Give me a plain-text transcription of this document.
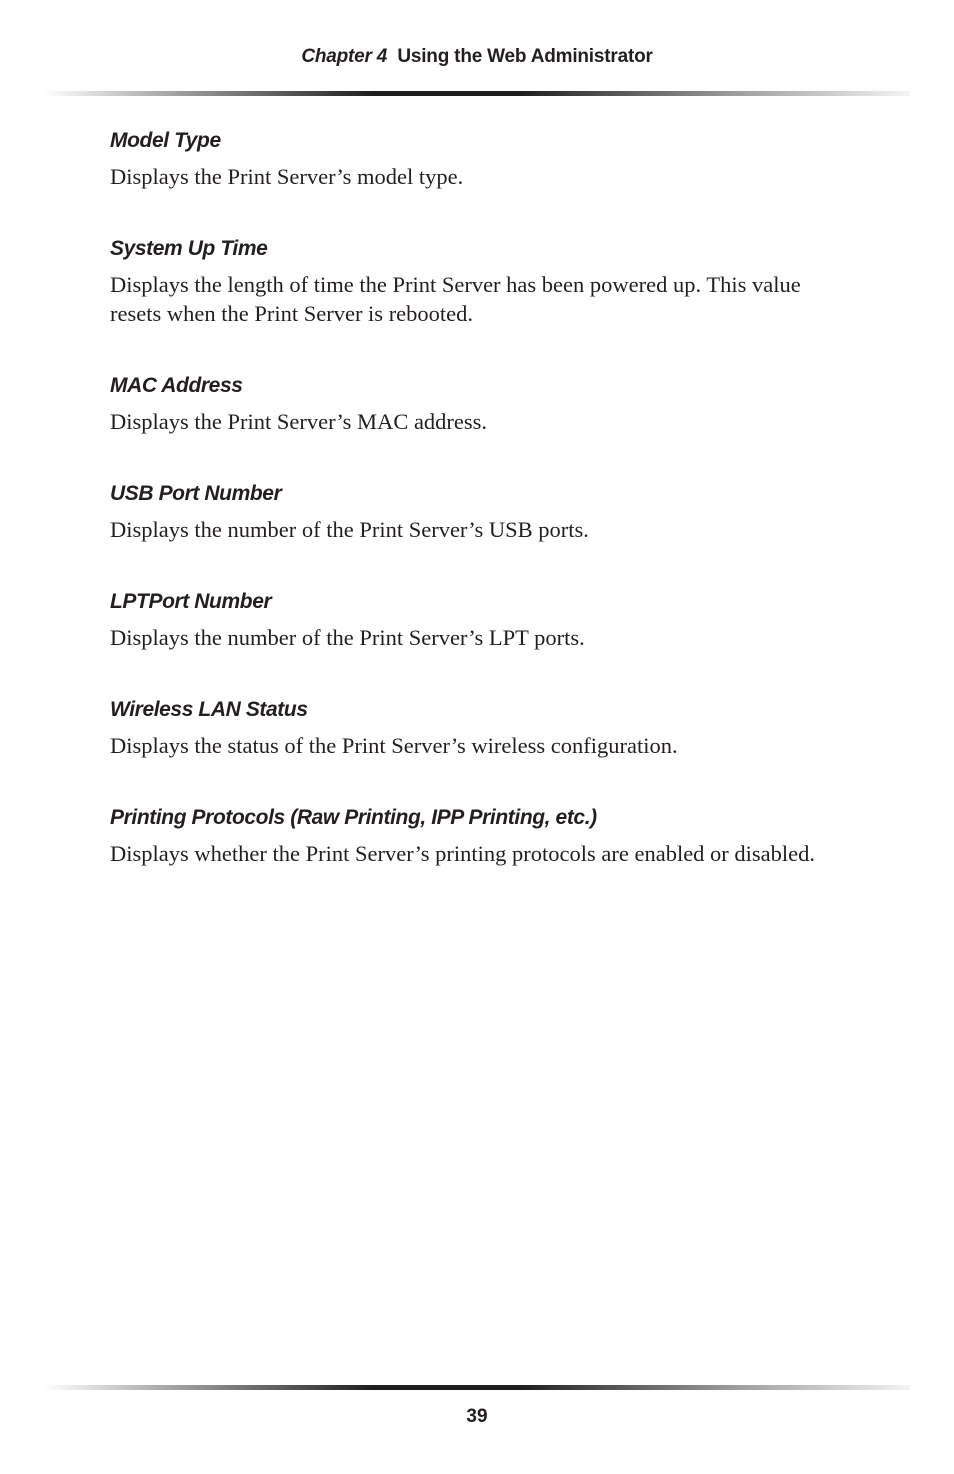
Chapter 4 Using the Web Administrator
Model Type

Displays the Print Server’s model type.

System Up Time

Displays the length of time the Print Server has been powered up. This value resets when the Print Server is rebooted.

MAC Address

Displays the Print Server’s MAC address.

USB Port Number

Displays the number of the Print Server’s USB ports.

LPTPort Number

Displays the number of the Print Server’s LPT ports.

Wireless LAN Status

Displays the status of the Print Server’s wireless configuration.

Printing Protocols (Raw Printing, IPP Printing, etc.)

Displays whether the Print Server’s printing protocols are enabled or disabled.

39
